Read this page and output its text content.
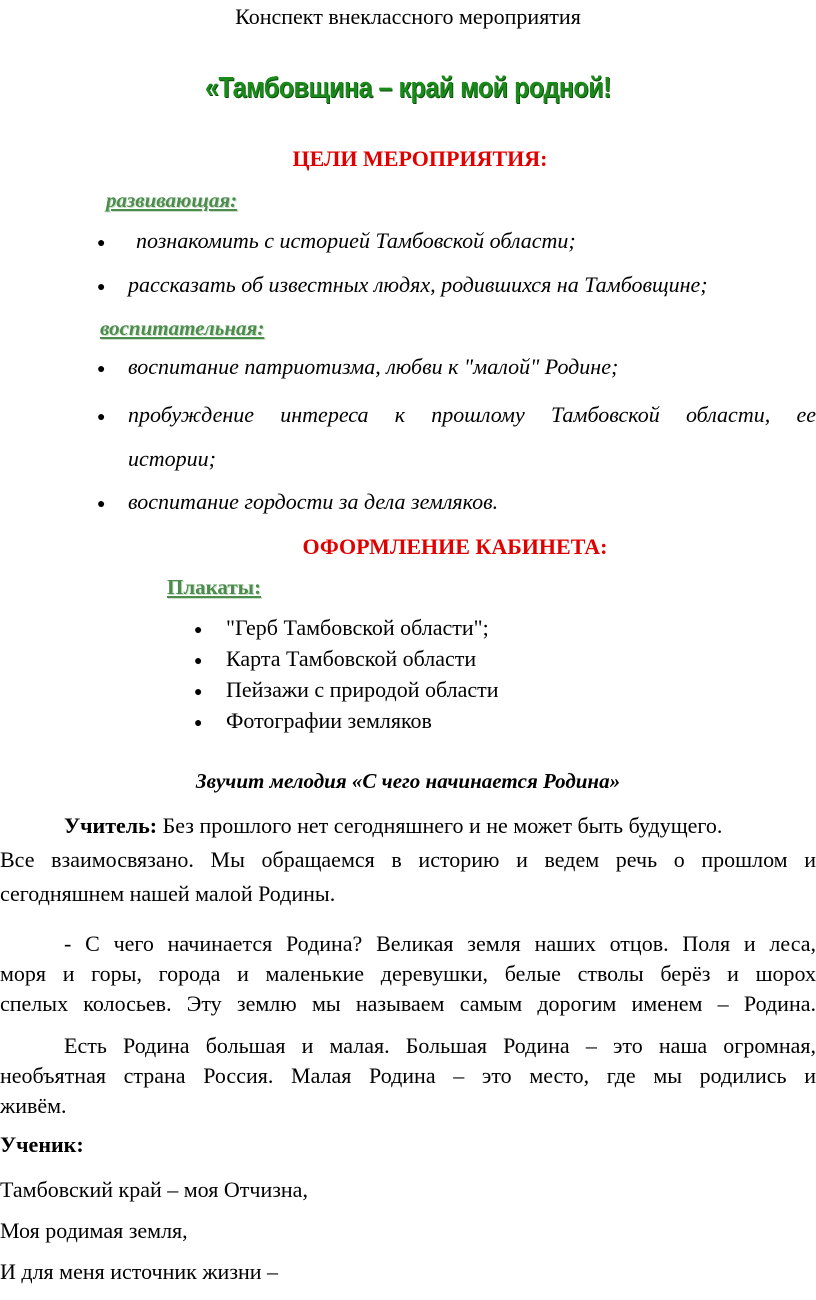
Конспект внеклассного мероприятия
«Тамбовщина – край мой родной!
ЦЕЛИ МЕРОПРИЯТИЯ:
развивающая:
● познакомить с историей Тамбовской области;
● рассказать об известных людях, родившихся на Тамбовщине;
воспитательная:
● воспитание патриотизма, любви к "малой" Родине;
● пробуждение интереса к прошлому Тамбовской области, ее
истории;
● воспитание гордости за дела земляков.
ОФОРМЛЕНИЕ КАБИНЕТА:
Плакаты:
● "Герб Тамбовской области";
● Карта Тамбовской области
● Пейзажи с природой области
● Фотографии земляков
Звучит мелодия «С чего начинается Родина»
Учитель: Без прошлого нет сегодняшнего и не может быть будущего.
Все взаимосвязано. Мы обращаемся в историю и ведем речь о прошлом и
сегодняшнем нашей малой Родины.
- С чего начинается Родина? Великая земля наших отцов. Поля и леса,
моря и горы, города и маленькие деревушки, белые стволы берёз и шорох
спелых колосьев. Эту землю мы называем самым дорогим именем – Родина.
Есть Родина большая и малая. Большая Родина – это наша огромная,
необъятная страна Россия. Малая Родина – это место, где мы родились и
живём.
Ученик:
Тамбовский край – моя Отчизна,
Моя родимая земля,
И для меня источник жизни –
